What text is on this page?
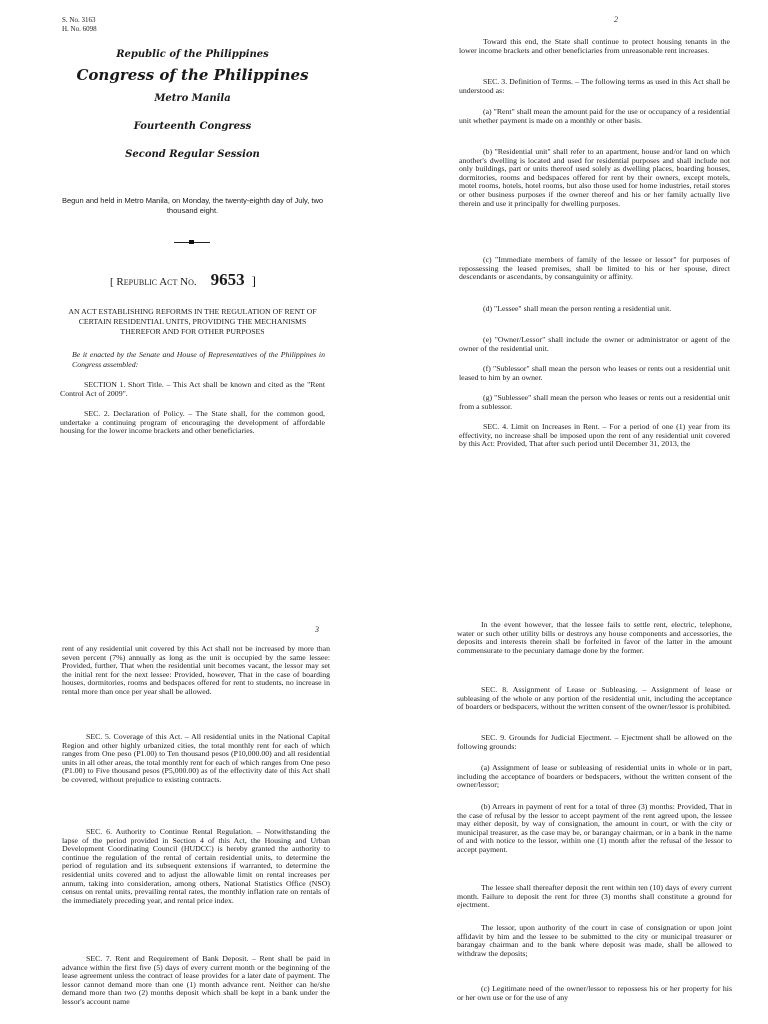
S. No. 3163
H. No. 6098
Republic of the Philippines
Congress of the Philippines
Metro Manila
Fourteenth Congress
Second Regular Session
Begun and held in Metro Manila, on Monday, the twenty-eighth day of July, two thousand eight.
[ Republic Act No. 9653 ]
AN ACT ESTABLISHING REFORMS IN THE REGULATION OF RENT OF CERTAIN RESIDENTIAL UNITS, PROVIDING THE MECHANISMS THEREFOR AND FOR OTHER PURPOSES
Be it enacted by the Senate and House of Representatives of the Philippines in Congress assembled:
SECTION 1. Short Title. – This Act shall be known and cited as the "Rent Control Act of 2009".
SEC. 2. Declaration of Policy. – The State shall, for the common good, undertake a continuing program of encouraging the development of affordable housing for the lower income brackets and other beneficiaries.
2
Toward this end, the State shall continue to protect housing tenants in the lower income brackets and other beneficiaries from unreasonable rent increases.
SEC. 3. Definition of Terms. – The following terms as used in this Act shall be understood as:
(a) "Rent" shall mean the amount paid for the use or occupancy of a residential unit whether payment is made on a monthly or other basis.
(b) "Residential unit" shall refer to an apartment, house and/or land on which another's dwelling is located and used for residential purposes and shall include not only buildings, part or units thereof used solely as dwelling places, boarding houses, dormitories, rooms and bedspaces offered for rent by their owners, except motels, motel rooms, hotels, hotel rooms, but also those used for home industries, retail stores or other business purposes if the owner thereof and his or her family actually live therein and use it principally for dwelling purposes.
(c) "Immediate members of family of the lessee or lessor" for purposes of repossessing the leased premises, shall be limited to his or her spouse, direct descendants or ascendants, by consanguinity or affinity.
(d) "Lessee" shall mean the person renting a residential unit.
(e) "Owner/Lessor" shall include the owner or administrator or agent of the owner of the residential unit.
(f) "Sublessor" shall mean the person who leases or rents out a residential unit leased to him by an owner.
(g) "Sublessee" shall mean the person who leases or rents out a residential unit from a sublessor.
SEC. 4. Limit on Increases in Rent. – For a period of one (1) year from its effectivity, no increase shall be imposed upon the rent of any residential unit covered by this Act: Provided, That after such period until December 31, 2013, the
3
rent of any residential unit covered by this Act shall not be increased by more than seven percent (7%) annually as long as the unit is occupied by the same lessee: Provided, further, That when the residential unit becomes vacant, the lessor may set the initial rent for the next lessee: Provided, however, That in the case of boarding houses, dormitories, rooms and bedspaces offered for rent to students, no increase in rental more than once per year shall be allowed.
SEC. 5. Coverage of this Act. – All residential units in the National Capital Region and other highly urbanized cities, the total monthly rent for each of which ranges from One peso (P1.00) to Ten thousand pesos (P10,000.00) and all residential units in all other areas, the total monthly rent for each of which ranges from One peso (P1.00) to Five thousand pesos (P5,000.00) as of the effectivity date of this Act shall be covered, without prejudice to existing contracts.
SEC. 6. Authority to Continue Rental Regulation. – Notwithstanding the lapse of the period provided in Section 4 of this Act, the Housing and Urban Development Coordinating Council (HUDCC) is hereby granted the authority to continue the regulation of the rental of certain residential units, to determine the period of regulation and its subsequent extensions if warranted, to determine the residential units covered and to adjust the allowable limit on rental increases per annum, taking into consideration, among others, National Statistics Office (NSO) census on rental units, prevailing rental rates, the monthly inflation rate on rentals of the immediately preceding year, and rental price index.
SEC. 7. Rent and Requirement of Bank Deposit. – Rent shall be paid in advance within the first five (5) days of every current month or the beginning of the lease agreement unless the contract of lease provides for a later date of payment. The lessor cannot demand more than one (1) month advance rent. Neither can he/she demand more than two (2) months deposit which shall be kept in a bank under the lessor's account name
In the event however, that the lessee fails to settle rent, electric, telephone, water or such other utility bills or destroys any house components and accessories, the deposits and interests therein shall be forfeited in favor of the latter in the amount commensurate to the pecuniary damage done by the former.
SEC. 8. Assignment of Lease or Subleasing. – Assignment of lease or subleasing of the whole or any portion of the residential unit, including the acceptance of boarders or bedspacers, without the written consent of the owner/lessor is prohibited.
SEC. 9. Grounds for Judicial Ejectment. – Ejectment shall be allowed on the following grounds:
(a) Assignment of lease or subleasing of residential units in whole or in part, including the acceptance of boarders or bedspacers, without the written consent of the owner/lessor;
(b) Arrears in payment of rent for a total of three (3) months: Provided, That in the case of refusal by the lessor to accept payment of the rent agreed upon, the lessee may either deposit, by way of consignation, the amount in court, or with the city or municipal treasurer, as the case may be, or barangay chairman, or in a bank in the name of and with notice to the lessor, within one (1) month after the refusal of the lessor to accept payment.
The lessee shall thereafter deposit the rent within ten (10) days of every current month. Failure to deposit the rent for three (3) months shall constitute a ground for ejectment.
The lessor, upon authority of the court in case of consignation or upon joint affidavit by him and the lessee to be submitted to the city or municipal treasurer or barangay chairman and to the bank where deposit was made, shall be allowed to withdraw the deposits;
(c) Legitimate need of the owner/lessor to repossess his or her property for his or her own use or for the use of any
